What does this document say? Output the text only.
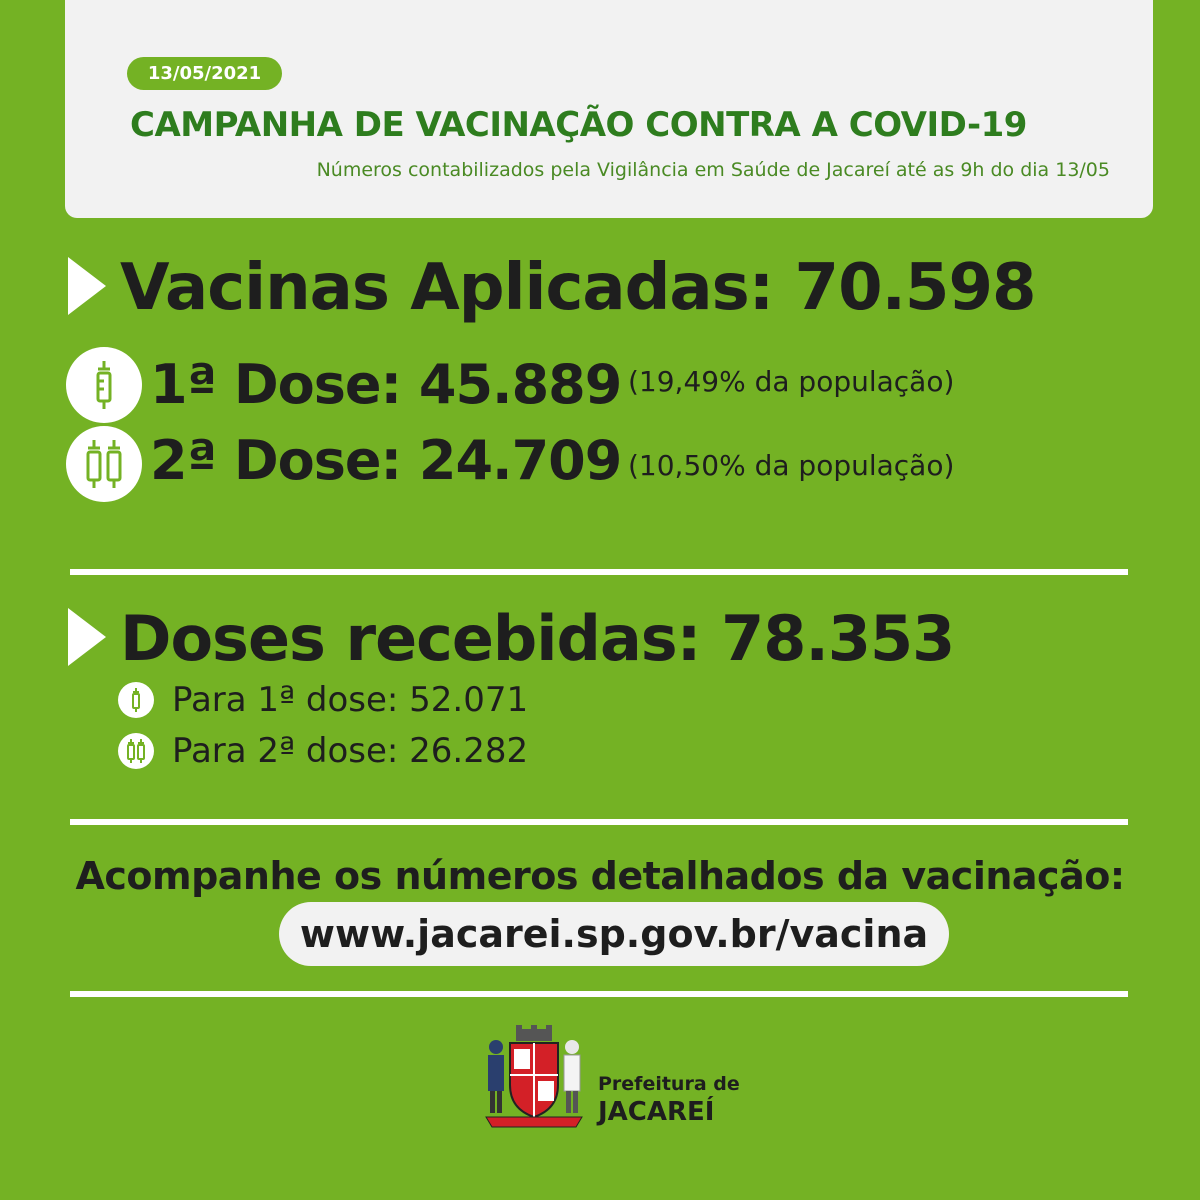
13/05/2021
CAMPANHA DE VACINAÇÃO CONTRA A COVID-19
Números contabilizados pela Vigilância em Saúde de Jacareí até as 9h do dia 13/05
Vacinas Aplicadas: 70.598
1ª Dose: 45.889 (19,49% da população)
2ª Dose: 24.709 (10,50% da população)
Doses recebidas: 78.353
Para 1ª dose: 52.071
Para 2ª dose: 26.282
Acompanhe os números detalhados da vacinação:
www.jacarei.sp.gov.br/vacina
Prefeitura de
JACAREÍ
